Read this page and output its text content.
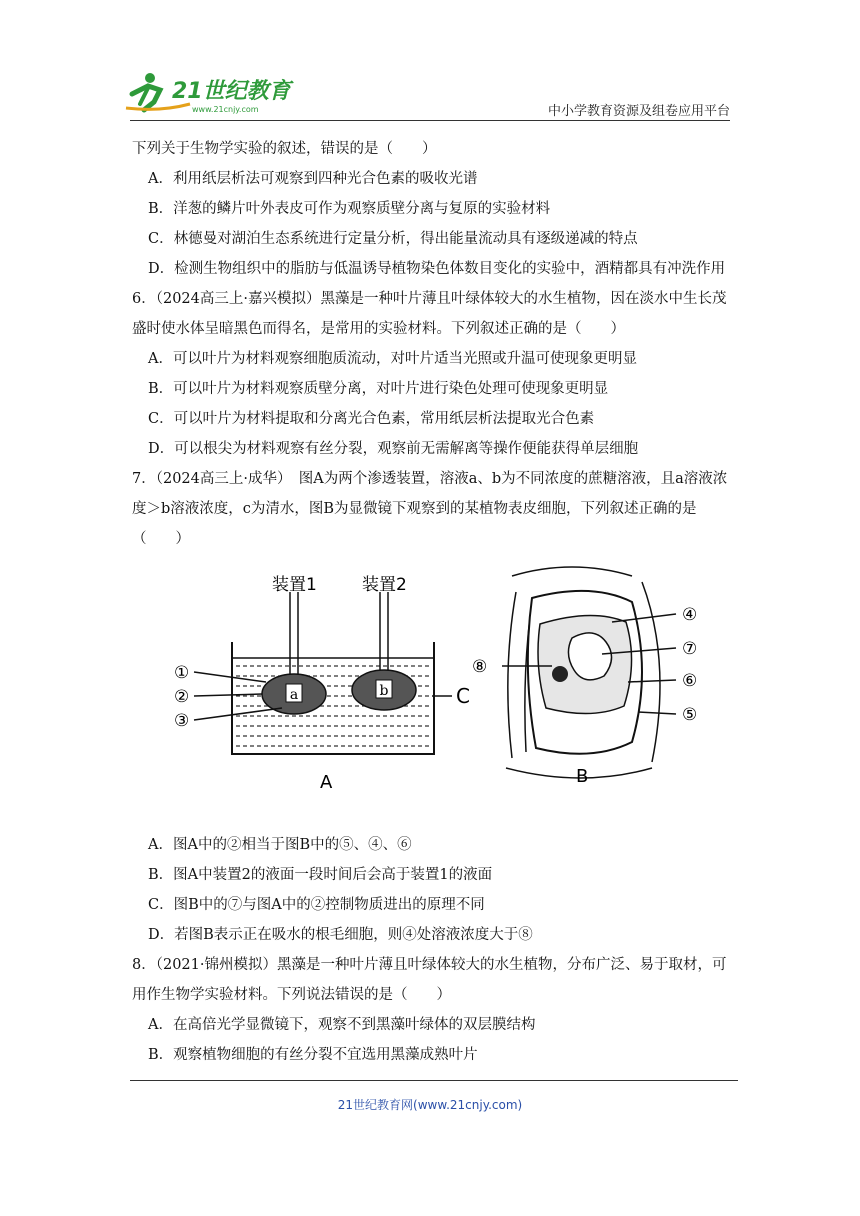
21世纪教育
www.21cnjy.com	中小学教育资源及组卷应用平台
下列关于生物学实验的叙述，错误的是（　　）
A．利用纸层析法可观察到四种光合色素的吸收光谱
B．洋葱的鳞片叶外表皮可作为观察质壁分离与复原的实验材料
C．林德曼对湖泊生态系统进行定量分析，得出能量流动具有逐级递减的特点
D．检测生物组织中的脂肪与低温诱导植物染色体数目变化的实验中，酒精都具有冲洗作用
6．（2024高三上·嘉兴模拟）黑藻是一种叶片薄且叶绿体较大的水生植物，因在淡水中生长茂盛时使水体呈暗黑色而得名，是常用的实验材料。下列叙述正确的是（　　）
A．可以叶片为材料观察细胞质流动，对叶片适当光照或升温可使现象更明显
B．可以叶片为材料观察质壁分离，对叶片进行染色处理可使现象更明显
C．可以叶片为材料提取和分离光合色素，常用纸层析法提取光合色素
D．可以根尖为材料观察有丝分裂，观察前无需解离等操作便能获得单层细胞
7．（2024高三上·成华）　图A为两个渗透装置，溶液a、b为不同浓度的蔗糖溶液，且a溶液浓度＞b溶液浓度，c为清水，图B为显微镜下观察到的某植物表皮细胞，下列叙述正确的是（　　）
a	b
装置1	装置2
①
②
③
C
A
⑧
④
⑦
⑥
⑤
B
A．图A中的②相当于图B中的⑤、④、⑥
B．图A中装置2的液面一段时间后会高于装置1的液面
C．图B中的⑦与图A中的②控制物质进出的原理不同
D．若图B表示正在吸水的根毛细胞，则④处溶液浓度大于⑧
8．（2021·锦州模拟）黑藻是一种叶片薄且叶绿体较大的水生植物，分布广泛、易于取材，可用作生物学实验材料。下列说法错误的是（　　）
A．在高倍光学显微镜下，观察不到黑藻叶绿体的双层膜结构
B．观察植物细胞的有丝分裂不宜选用黑藻成熟叶片
21世纪教育网(www.21cnjy.com)
